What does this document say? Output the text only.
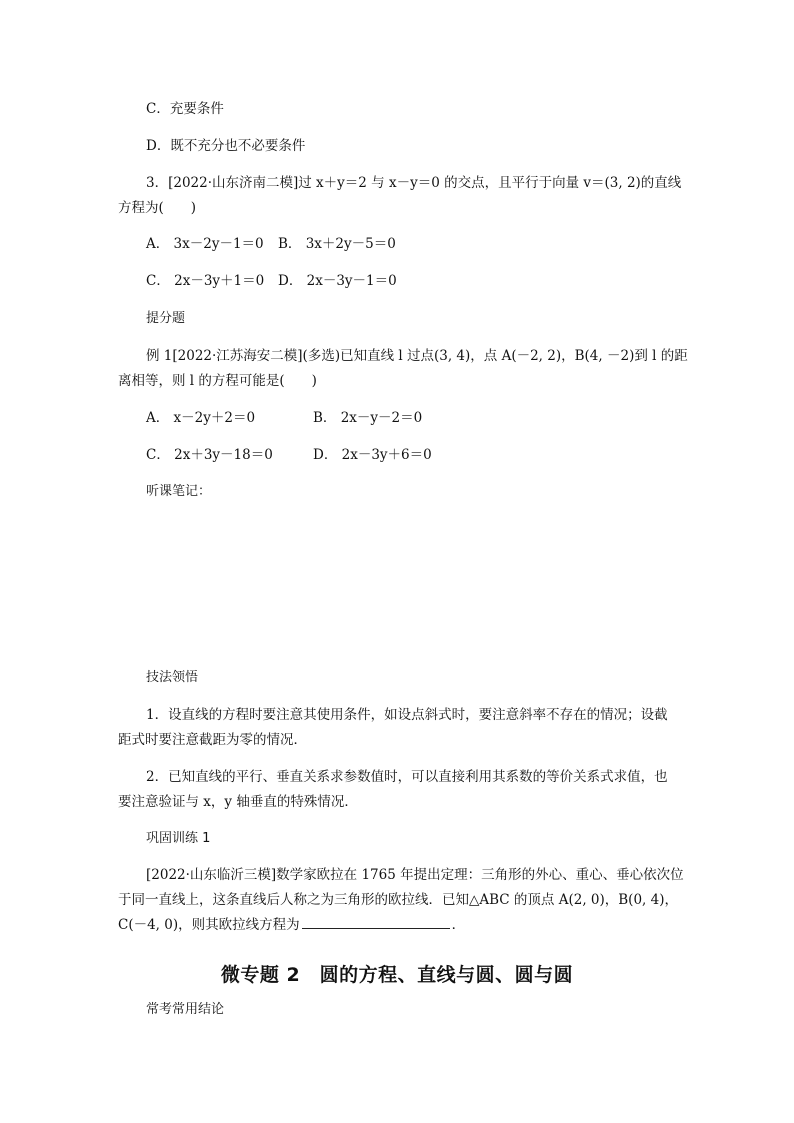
C．充要条件
D．既不充分也不必要条件
3．[2022·山东济南二模]过 x＋y＝2 与 x－y＝0 的交点，且平行于向量 v＝(3, 2)的直线
方程为(　　)
A． 3x－2y－1＝0 B． 3x＋2y－5＝0
C． 2x－3y＋1＝0 D． 2x－3y－1＝0
提分题
例 1[2022·江苏海安二模](多选)已知直线 l 过点(3, 4)，点 A(－2, 2)，B(4, －2)到 l 的距
离相等，则 l 的方程可能是(　　)
A． x－2y＋2＝0	B． 2x－y－2＝0
C． 2x＋3y－18＝0	D． 2x－3y＋6＝0
听课笔记：
技法领悟
1．设直线的方程时要注意其使用条件，如设点斜式时，要注意斜率不存在的情况；设截
距式时要注意截距为零的情况．
2．已知直线的平行、垂直关系求参数值时，可以直接利用其系数的等价关系式求值，也
要注意验证与 x，y 轴垂直的特殊情况．
巩固训练 1
[2022·山东临沂三模]数学家欧拉在 1765 年提出定理：三角形的外心、重心、垂心依次位
于同一直线上，这条直线后人称之为三角形的欧拉线．已知△ABC 的顶点 A(2, 0)，B(0, 4)，
C(－4, 0)，则其欧拉线方程为	．
微专题 2　圆的方程、直线与圆、圆与圆
常考常用结论
